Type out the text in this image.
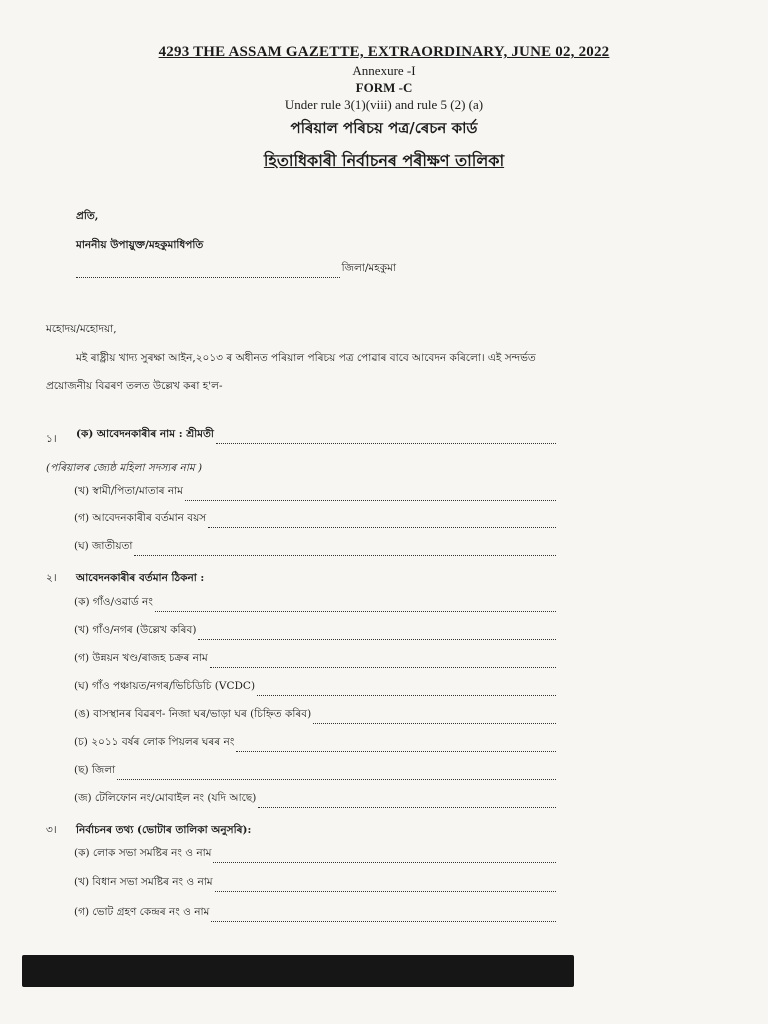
4293 THE ASSAM GAZETTE, EXTRAORDINARY, JUNE 02, 2022
Annexure -I
FORM -C
Under rule 3(1)(viii) and rule 5 (2) (a)
পৰিয়াল পৰিচয় পত্ৰ/ৰেচন কাৰ্ড
হিতাধিকাৰী নিৰ্বাচনৰ পৰীক্ষণ তালিকা
প্ৰতি,
মাননীয় উপায়ুক্ত/মহকুমাধিপতি
জিলা/মহকুমা
মহোদয়/মহোদয়া,
মই ৰাষ্ট্ৰীয় খাদ্য সুৰক্ষা আইন,২০১৩ ৰ অধীনত পৰিয়াল পৰিচয় পত্ৰ পোৱাৰ বাবে আবেদন কৰিলো। এই সন্দৰ্ভত
প্ৰয়োজনীয় বিৱৰণ তলত উল্লেখ কৰা হ'ল-
১। (ক) আবেদনকাৰীৰ নাম : শ্ৰীমতী
(পৰিয়ালৰ জ্যেষ্ঠ মহিলা সদস্যৰ নাম )
(খ) স্বামী/পিতা/মাতাৰ নাম
(গ) আবেদনকাৰীৰ বৰ্তমান বয়স
(ঘ) জাতীয়তা
২। আবেদনকাৰীৰ বৰ্তমান ঠিকনা :
(ক) গাঁও/ওৱাৰ্ড নং
(খ) গাঁও/নগৰ (উল্লেখ কৰিব)
(গ) উন্নয়ন খণ্ড/ৰাজহ চক্ৰৰ নাম
(ঘ) গাঁও পঞ্চায়ত/নগৰ/ভিচিডিচি (VCDC)
(ঙ) বাসস্থানৰ বিৱৰণ- নিজা ঘৰ/ভাড়া ঘৰ (চিহ্নিত কৰিব)
(চ) ২০১১ বৰ্ষৰ লোক পিয়লৰ ঘৰৰ নং
(ছ) জিলা
(জ) টেলিফোন নং/মোবাইল নং (যদি আছে)
৩। নিৰ্বাচনৰ তথ্য (ভোটাৰ তালিকা অনুসৰি):
(ক) লোক সভা সমষ্টিৰ নং ও নাম
(খ) বিধান সভা সমষ্টিৰ নং ও নাম
(গ) ভোট গ্ৰহণ কেন্দ্ৰৰ নং ও নাম
